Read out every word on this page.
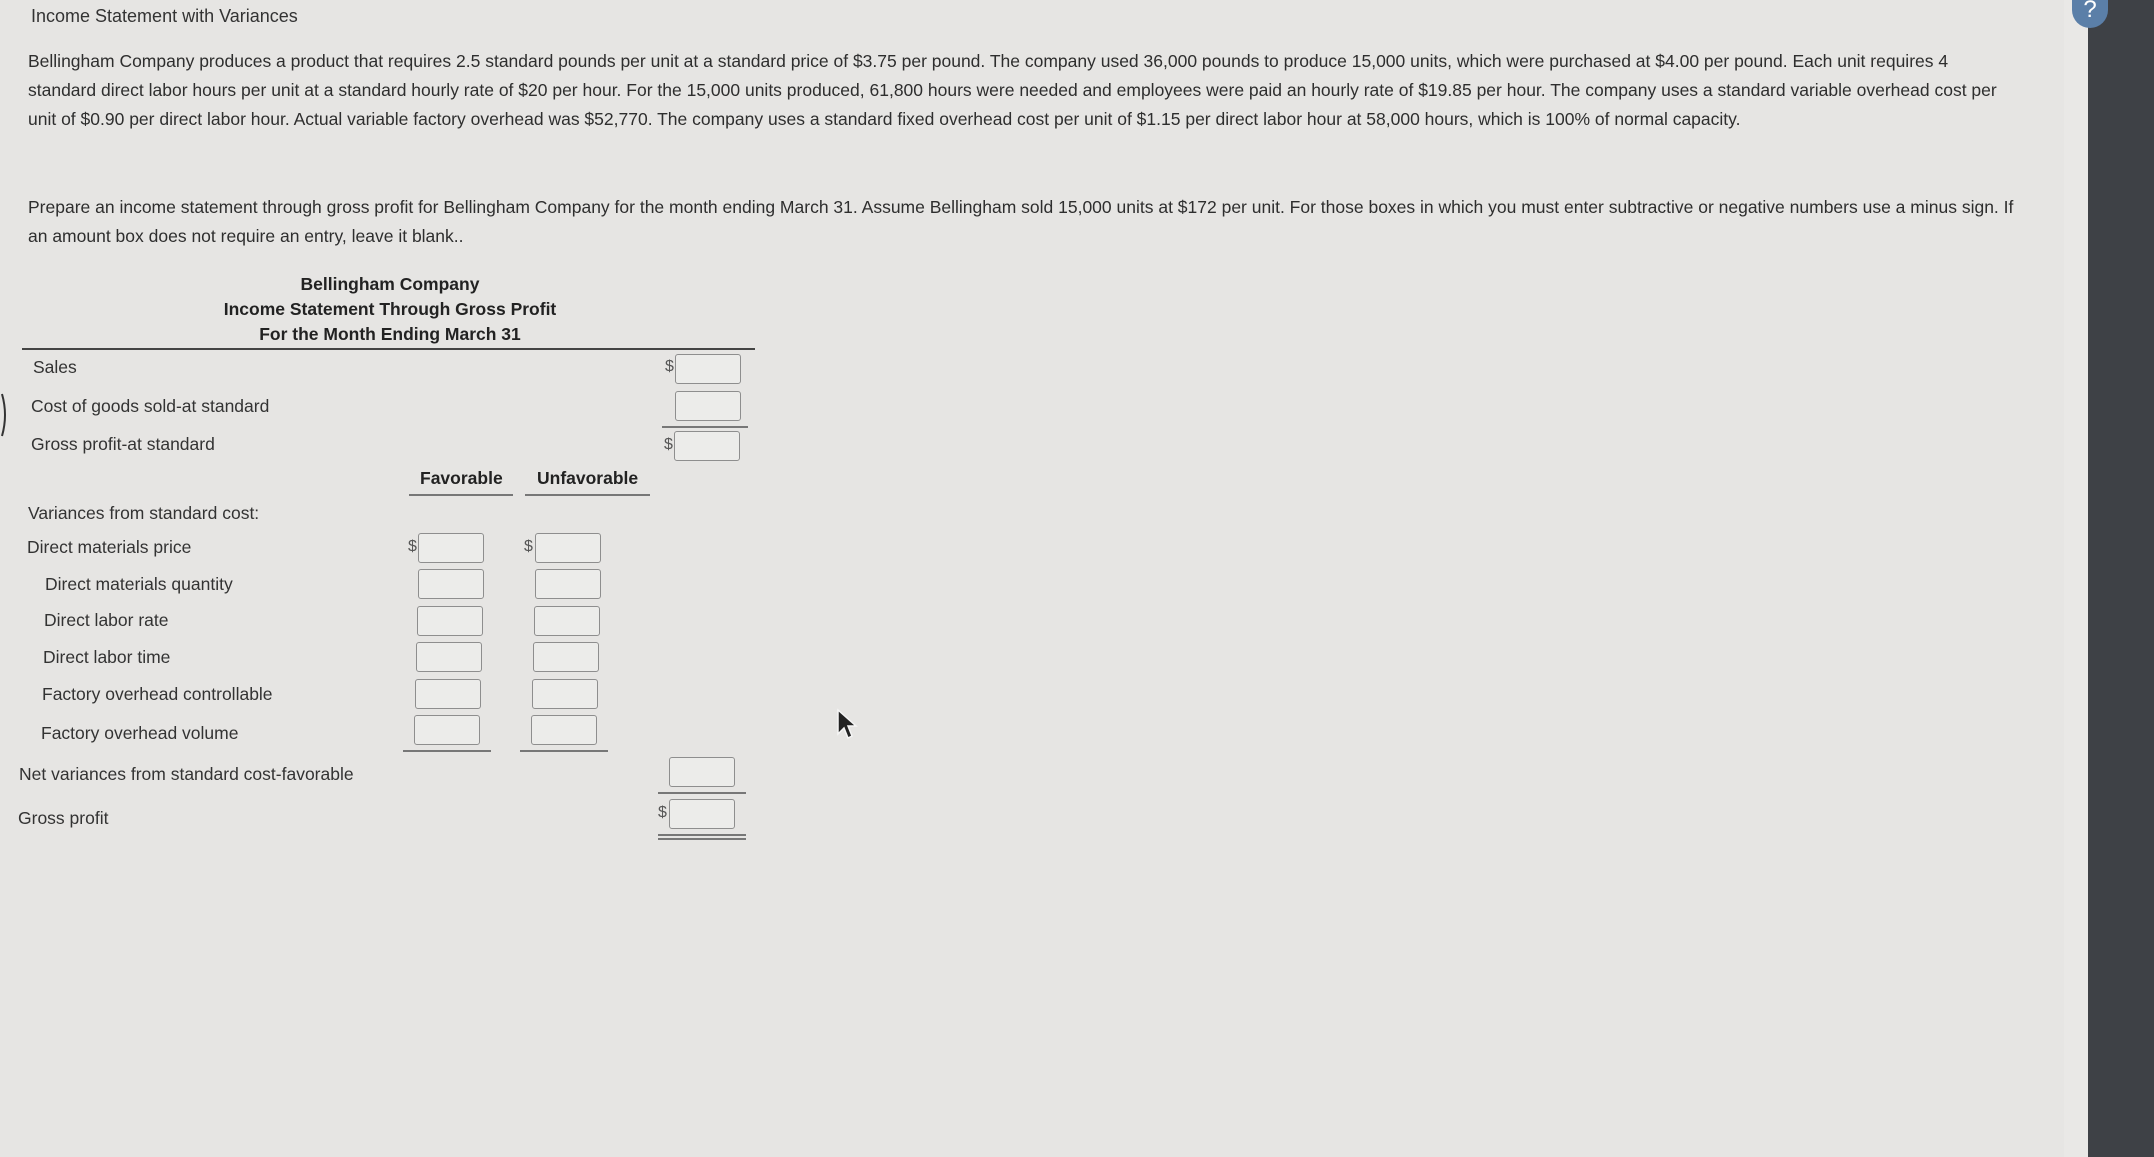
Income Statement with Variances
Bellingham Company produces a product that requires 2.5 standard pounds per unit at a standard price of $3.75 per pound. The company used 36,000 pounds to produce 15,000 units, which were purchased at $4.00 per pound. Each unit requires 4 standard direct labor hours per unit at a standard hourly rate of $20 per hour. For the 15,000 units produced, 61,800 hours were needed and employees were paid an hourly rate of $19.85 per hour. The company uses a standard variable overhead cost per unit of $0.90 per direct labor hour. Actual variable factory overhead was $52,770. The company uses a standard fixed overhead cost per unit of $1.15 per direct labor hour at 58,000 hours, which is 100% of normal capacity.
Prepare an income statement through gross profit for Bellingham Company for the month ending March 31. Assume Bellingham sold 15,000 units at $172 per unit. For those boxes in which you must enter subtractive or negative numbers use a minus sign. If an amount box does not require an entry, leave it blank..
Bellingham Company
Income Statement Through Gross Profit
For the Month Ending March 31
Sales	$
Cost of goods sold-at standard
Gross profit-at standard	$
Favorable Unfavorable
Variances from standard cost:
Direct materials price	$	$
Direct materials quantity
Direct labor rate
Direct labor time
Factory overhead controllable
Factory overhead volume
Net variances from standard cost-favorable
Gross profit	$
?
